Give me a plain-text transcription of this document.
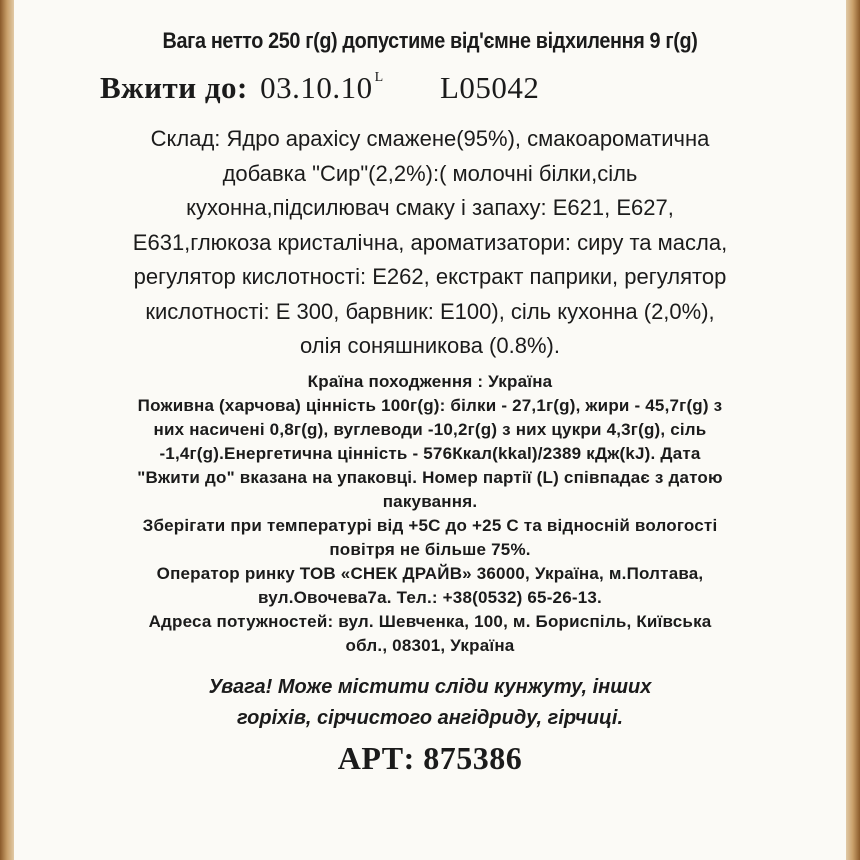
Вага нетто 250 г(g) допустиме від'ємне відхилення 9 г(g)
Вжити до: 03.10.10 $^L$ L05042
Склад: Ядро арахісу смажене(95%), смакоароматична
добавка "Сир"(2,2%):( молочні білки,сіль
кухонна,підсилювач смаку і запаху: Е621, Е627,
Е631,глюкоза кристалічна, ароматизатори: сиру та масла,
регулятор кислотності: Е262, екстракт паприки, регулятор
кислотності: Е 300, барвник: Е100), сіль кухонна (2,0%),
олія соняшникова (0.8%).
Країна походження : Україна
Поживна (харчова) цінність 100г(g): білки - 27,1г(g), жири - 45,7г(g) з
них насичені 0,8г(g), вуглеводи -10,2г(g) з них цукри 4,3г(g), сіль
-1,4г(g).Енергетична цінність - 576Ккал(kkal)/2389 кДж(kJ). Дата
"Вжити до" вказана на упаковці. Номер партії (L) співпадає з датою
пакування.
Зберігати при температурі від +5С до +25 С та відносній вологості
повітря не більше 75%.
Оператор ринку ТОВ «СНЕК ДРАЙВ» 36000, Україна, м.Полтава,
вул.Овочева7а. Тел.: +38(0532) 65-26-13.
Адреса потужностей: вул. Шевченка, 100, м. Бориспіль, Київська
обл., 08301, Україна
Увага! Може містити сліди кунжуту, інших
горіхів, сірчистого ангідриду, гірчиці.
АРТ: 875386
